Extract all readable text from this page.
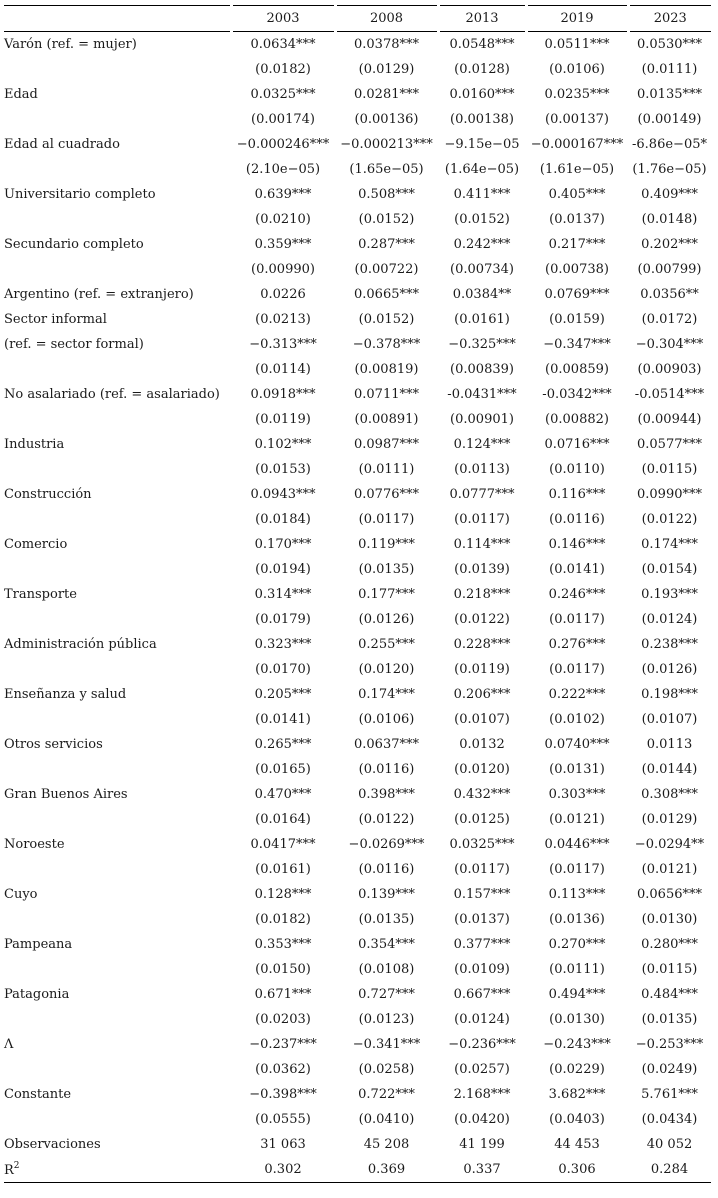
	2003	2008	2013	2019	2023
Varón (ref. = mujer)	0.0634***	0.0378***	0.0548***	0.0511***	0.0530***
	(0.0182)	(0.0129)	(0.0128)	(0.0106)	(0.0111)
Edad	0.0325***	0.0281***	0.0160***	0.0235***	0.0135***
	(0.00174)	(0.00136)	(0.00138)	(0.00137)	(0.00149)
Edad al cuadrado	−0.000246***	−0.000213***	−9.15e−05	−0.000167***	-6.86e−05*
	(2.10e−05)	(1.65e−05)	(1.64e−05)	(1.61e−05)	(1.76e−05)
Universitario completo	0.639***	0.508***	0.411***	0.405***	0.409***
	(0.0210)	(0.0152)	(0.0152)	(0.0137)	(0.0148)
Secundario completo	0.359***	0.287***	0.242***	0.217***	0.202***
	(0.00990)	(0.00722)	(0.00734)	(0.00738)	(0.00799)
Argentino (ref. = extranjero)	0.0226	0.0665***	0.0384**	0.0769***	0.0356**
Sector informal	(0.0213)	(0.0152)	(0.0161)	(0.0159)	(0.0172)
(ref. = sector formal)	−0.313***	−0.378***	−0.325***	−0.347***	−0.304***
	(0.0114)	(0.00819)	(0.00839)	(0.00859)	(0.00903)
No asalariado (ref. = asalariado)	0.0918***	0.0711***	-0.0431***	-0.0342***	-0.0514***
	(0.0119)	(0.00891)	(0.00901)	(0.00882)	(0.00944)
Industria	0.102***	0.0987***	0.124***	0.0716***	0.0577***
	(0.0153)	(0.0111)	(0.0113)	(0.0110)	(0.0115)
Construcción	0.0943***	0.0776***	0.0777***	0.116***	0.0990***
	(0.0184)	(0.0117)	(0.0117)	(0.0116)	(0.0122)
Comercio	0.170***	0.119***	0.114***	0.146***	0.174***
	(0.0194)	(0.0135)	(0.0139)	(0.0141)	(0.0154)
Transporte	0.314***	0.177***	0.218***	0.246***	0.193***
	(0.0179)	(0.0126)	(0.0122)	(0.0117)	(0.0124)
Administración pública	0.323***	0.255***	0.228***	0.276***	0.238***
	(0.0170)	(0.0120)	(0.0119)	(0.0117)	(0.0126)
Enseñanza y salud	0.205***	0.174***	0.206***	0.222***	0.198***
	(0.0141)	(0.0106)	(0.0107)	(0.0102)	(0.0107)
Otros servicios	0.265***	0.0637***	0.0132	0.0740***	0.0113
	(0.0165)	(0.0116)	(0.0120)	(0.0131)	(0.0144)
Gran Buenos Aires	0.470***	0.398***	0.432***	0.303***	0.308***
	(0.0164)	(0.0122)	(0.0125)	(0.0121)	(0.0129)
Noroeste	0.0417***	−0.0269***	0.0325***	0.0446***	−0.0294**
	(0.0161)	(0.0116)	(0.0117)	(0.0117)	(0.0121)
Cuyo	0.128***	0.139***	0.157***	0.113***	0.0656***
	(0.0182)	(0.0135)	(0.0137)	(0.0136)	(0.0130)
Pampeana	0.353***	0.354***	0.377***	0.270***	0.280***
	(0.0150)	(0.0108)	(0.0109)	(0.0111)	(0.0115)
Patagonia	0.671***	0.727***	0.667***	0.494***	0.484***
	(0.0203)	(0.0123)	(0.0124)	(0.0130)	(0.0135)
Λ	−0.237***	−0.341***	−0.236***	−0.243***	−0.253***
	(0.0362)	(0.0258)	(0.0257)	(0.0229)	(0.0249)
Constante	−0.398***	0.722***	2.168***	3.682***	5.761***
	(0.0555)	(0.0410)	(0.0420)	(0.0403)	(0.0434)
Observaciones	31 063	45 208	41 199	44 453	40 052
$R^2$	0.302	0.369	0.337	0.306	0.284
